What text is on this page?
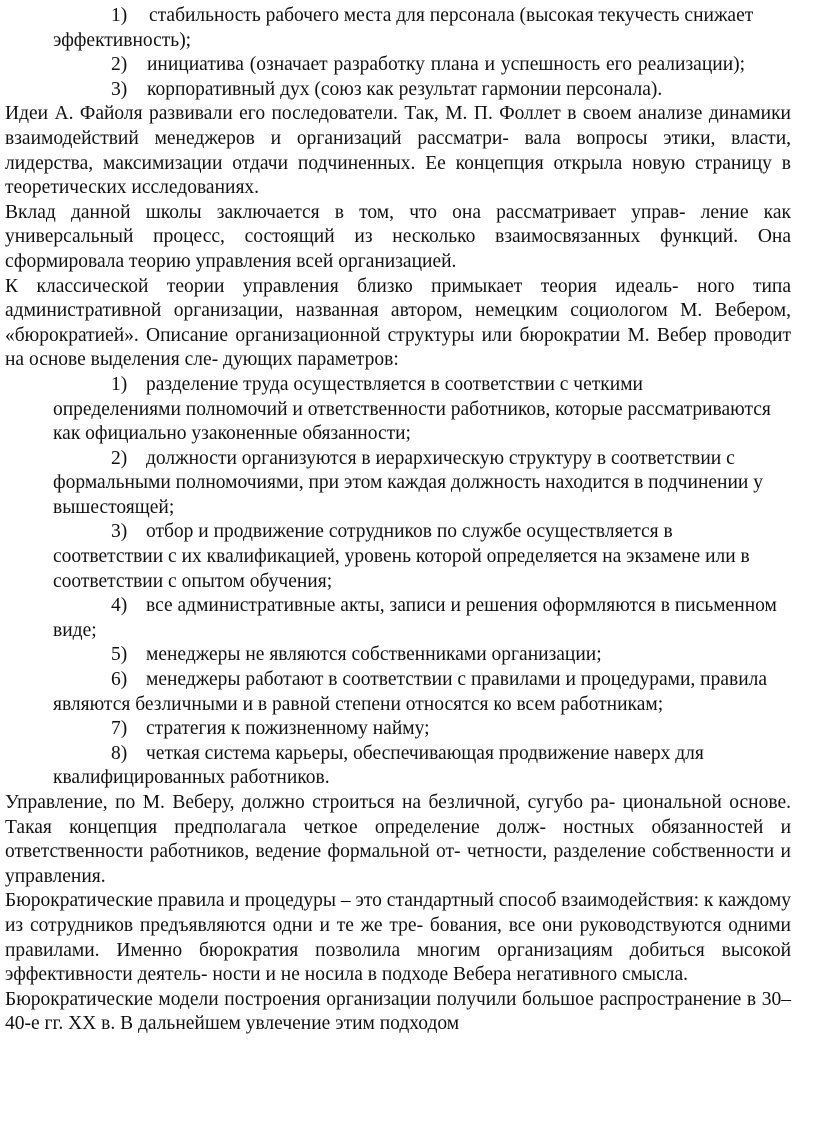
1)	стабильность рабочего места для персонала (высокая текучесть снижает эффективность);
2)	инициатива (означает разработку плана и успешность его реализации);
3)	корпоративный дух (союз как результат гармонии персонала).

Идеи А. Файоля развивали его последователи. Так, М. П. Фоллет в своем анализе динамики взаимодействий менеджеров и организаций рассматри- вала вопросы этики, власти, лидерства, максимизации отдачи подчиненных. Ее концепция открыла новую страницу в теоретических исследованиях.

Вклад данной школы заключается в том, что она рассматривает управ- ление как универсальный процесс, состоящий из несколько взаимосвязанных функций. Она сформировала теорию управления всей организацией.

К классической теории управления близко примыкает теория идеаль- ного типа административной организации, названная автором, немецким социологом М. Вебером, «бюрократией». Описание организационной структуры или бюрократии М. Вебер проводит на основе выделения сле- дующих параметров:

1) разделение труда осуществляется в соответствии с четкими определениями полномочий и ответственности работников, которые рассматриваются как официально узаконенные обязанности;
2) должности организуются в иерархическую структуру в соответствии с формальными полномочиями, при этом каждая должность находится в подчинении у вышестоящей;
3) отбор и продвижение сотрудников по службе осуществляется в соответствии с их квалификацией, уровень которой определяется на экзамене или в соответствии с опытом обучения;
4) все административные акты, записи и решения оформляются в письменном виде;
5) менеджеры не являются собственниками организации;
6) менеджеры работают в соответствии с правилами и процедурами, правила являются безличными и в равной степени относятся ко всем работникам;
7) стратегия к пожизненному найму;
8) четкая система карьеры, обеспечивающая продвижение наверх для квалифицированных работников.

Управление, по М. Веберу, должно строиться на безличной, сугубо ра- циональной основе. Такая концепция предполагала четкое определение долж- ностных обязанностей и ответственности работников, ведение формальной от- четности, разделение собственности и управления.

Бюрократические правила и процедуры – это стандартный способ взаимодействия: к каждому из сотрудников предъявляются одни и те же тре- бования, все они руководствуются одними правилами. Именно бюрократия позволила многим организациям добиться высокой эффективности деятель- ности и не носила в подходе Вебера негативного смысла.

Бюрократические модели построения организации получили большое распространение в 30–40-е гг. XX в. В дальнейшем увлечение этим подходом
